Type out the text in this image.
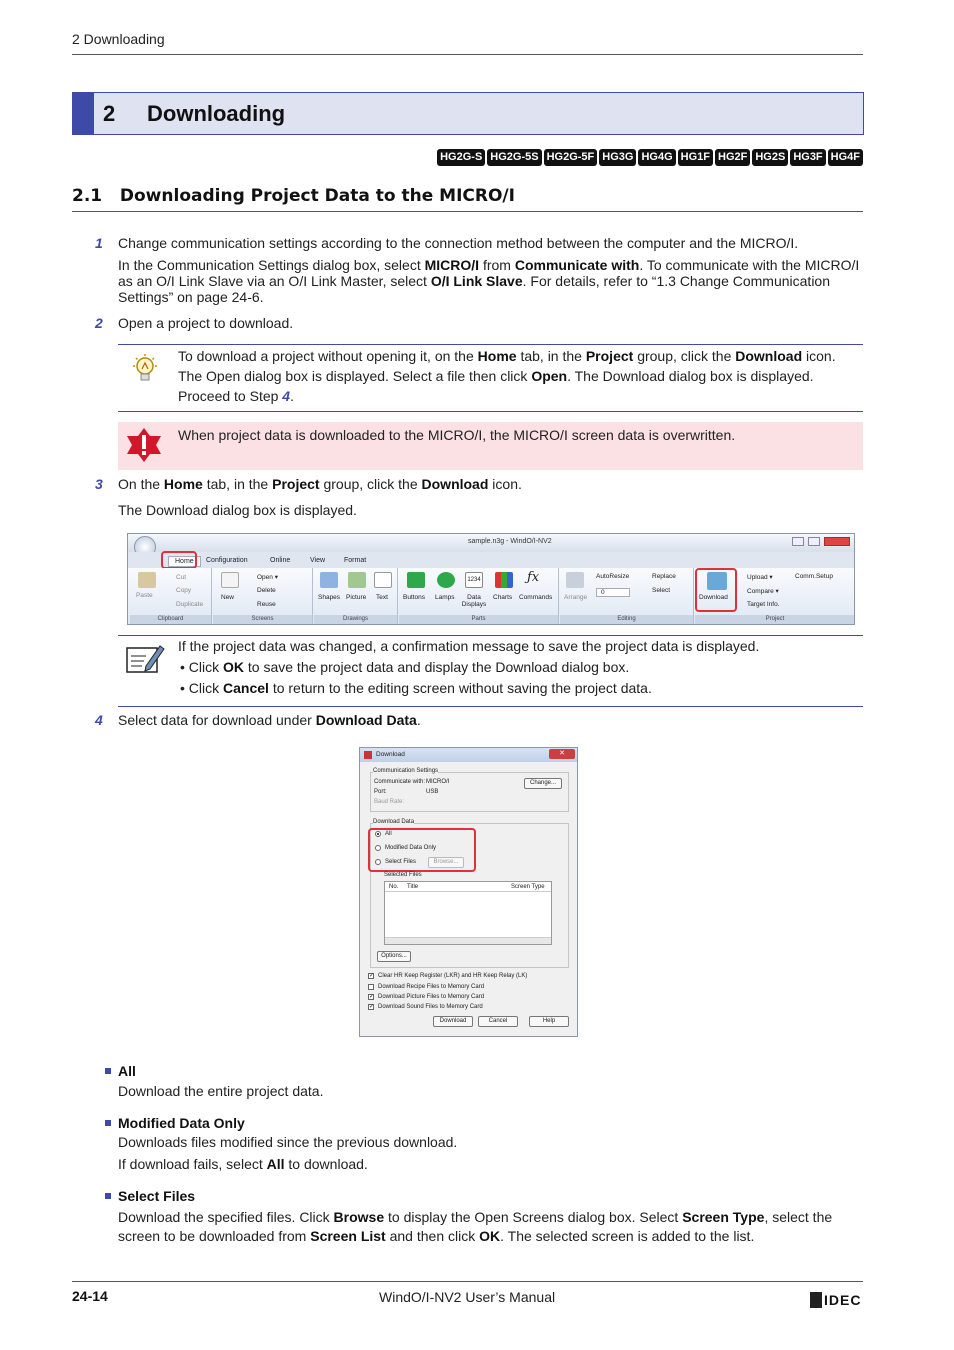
2 Downloading
2 Downloading
HG2G-S HG2G-5S HG2G-5F HG3G HG4G HG1F HG2F HG2S HG3F HG4F
2.1 Downloading Project Data to the MICRO/I
1 Change communication settings according to the connection method between the computer and the MICRO/I.
In the Communication Settings dialog box, select MICRO/I from Communicate with. To communicate with the MICRO/I as an O/I Link Slave via an O/I Link Master, select O/I Link Slave. For details, refer to “1.3 Change Communication Settings” on page 24-6.
2 Open a project to download.
To download a project without opening it, on the Home tab, in the Project group, click the Download icon. The Open dialog box is displayed. Select a file then click Open. The Download dialog box is displayed. Proceed to Step 4.
When project data is downloaded to the MICRO/I, the MICRO/I screen data is overwritten.
3 On the Home tab, in the Project group, click the Download icon.
The Download dialog box is displayed.
sample.n3g - WindO/I-NV2
Home	Configuration	Online	View	Format
Paste
Cut
Copy
Duplicate
Clipboard
New
Open ▾
Delete
Reuse
Screens
Shapes Picture Text
Drawings
Buttons Lamps
1234
Data Displays
Charts
ƒx
Commands
Parts
Arrange
AutoResize
0
Replace
Select
Editing
Download
Upload ▾
Compare ▾
Target Info.
Comm.Setup
Project
If the project data was changed, a confirmation message to save the project data is displayed.
• Click OK to save the project data and display the Download dialog box.
• Click Cancel to return to the editing screen without saving the project data.
4 Select data for download under Download Data.
Download	✕
Communication Settings
Communicate with: MICRO/I
Port:	USB
Baud Rate:
Change...
Download Data
All
Modified Data Only
Select Files	Browse...
Selected Files
No. Title	Screen Type
Options...
✓ Clear HR Keep Register (LKR) and HR Keep Relay (LK)
Download Recipe Files to Memory Card
✓ Download Picture Files to Memory Card
✓ Download Sound Files to Memory Card
Download	Cancel	Help
All
Download the entire project data.
Modified Data Only
Downloads files modified since the previous download.
If download fails, select All to download.
Select Files
Download the specified files. Click Browse to display the Open Screens dialog box. Select Screen Type, select the screen to be downloaded from Screen List and then click OK. The selected screen is added to the list.
24-14	WindO/I-NV2 User’s Manual	IDEC
